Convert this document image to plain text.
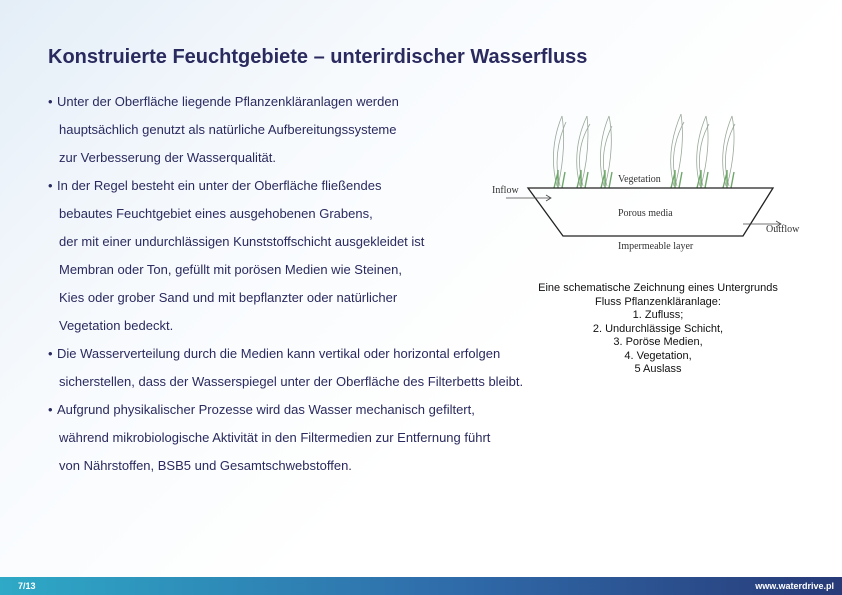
Konstruierte Feuchtgebiete – unterirdischer Wasserfluss
• Unter der Oberfläche liegende Pflanzenkläranlagen werden
hauptsächlich genutzt als natürliche Aufbereitungssysteme
zur Verbesserung der Wasserqualität.
• In der Regel besteht ein unter der Oberfläche fließendes
bebautes Feuchtgebiet eines ausgehobenen Grabens,
der mit einer undurchlässigen Kunststoffschicht ausgekleidet ist
Membran oder Ton, gefüllt mit porösen Medien wie Steinen,
Kies oder grober Sand und mit bepflanzter oder natürlicher
Vegetation bedeckt.
• Die Wasserverteilung durch die Medien kann vertikal oder horizontal erfolgen
sicherstellen, dass der Wasserspiegel unter der Oberfläche des Filterbetts bleibt.
• Aufgrund physikalischer Prozesse wird das Wasser mechanisch gefiltert,
während mikrobiologische Aktivität in den Filtermedien zur Entfernung führt
von Nährstoffen, BSB5 und Gesamtschwebstoffen.
Inflow
Vegetation
Porous media
Outflow
Impermeable layer
Eine schematische Zeichnung eines Untergrunds
Fluss Pflanzenkläranlage:
1. Zufluss;
2. Undurchlässige Schicht,
3. Poröse Medien,
4. Vegetation,
5 Auslass
7/13	www.waterdrive.pl
